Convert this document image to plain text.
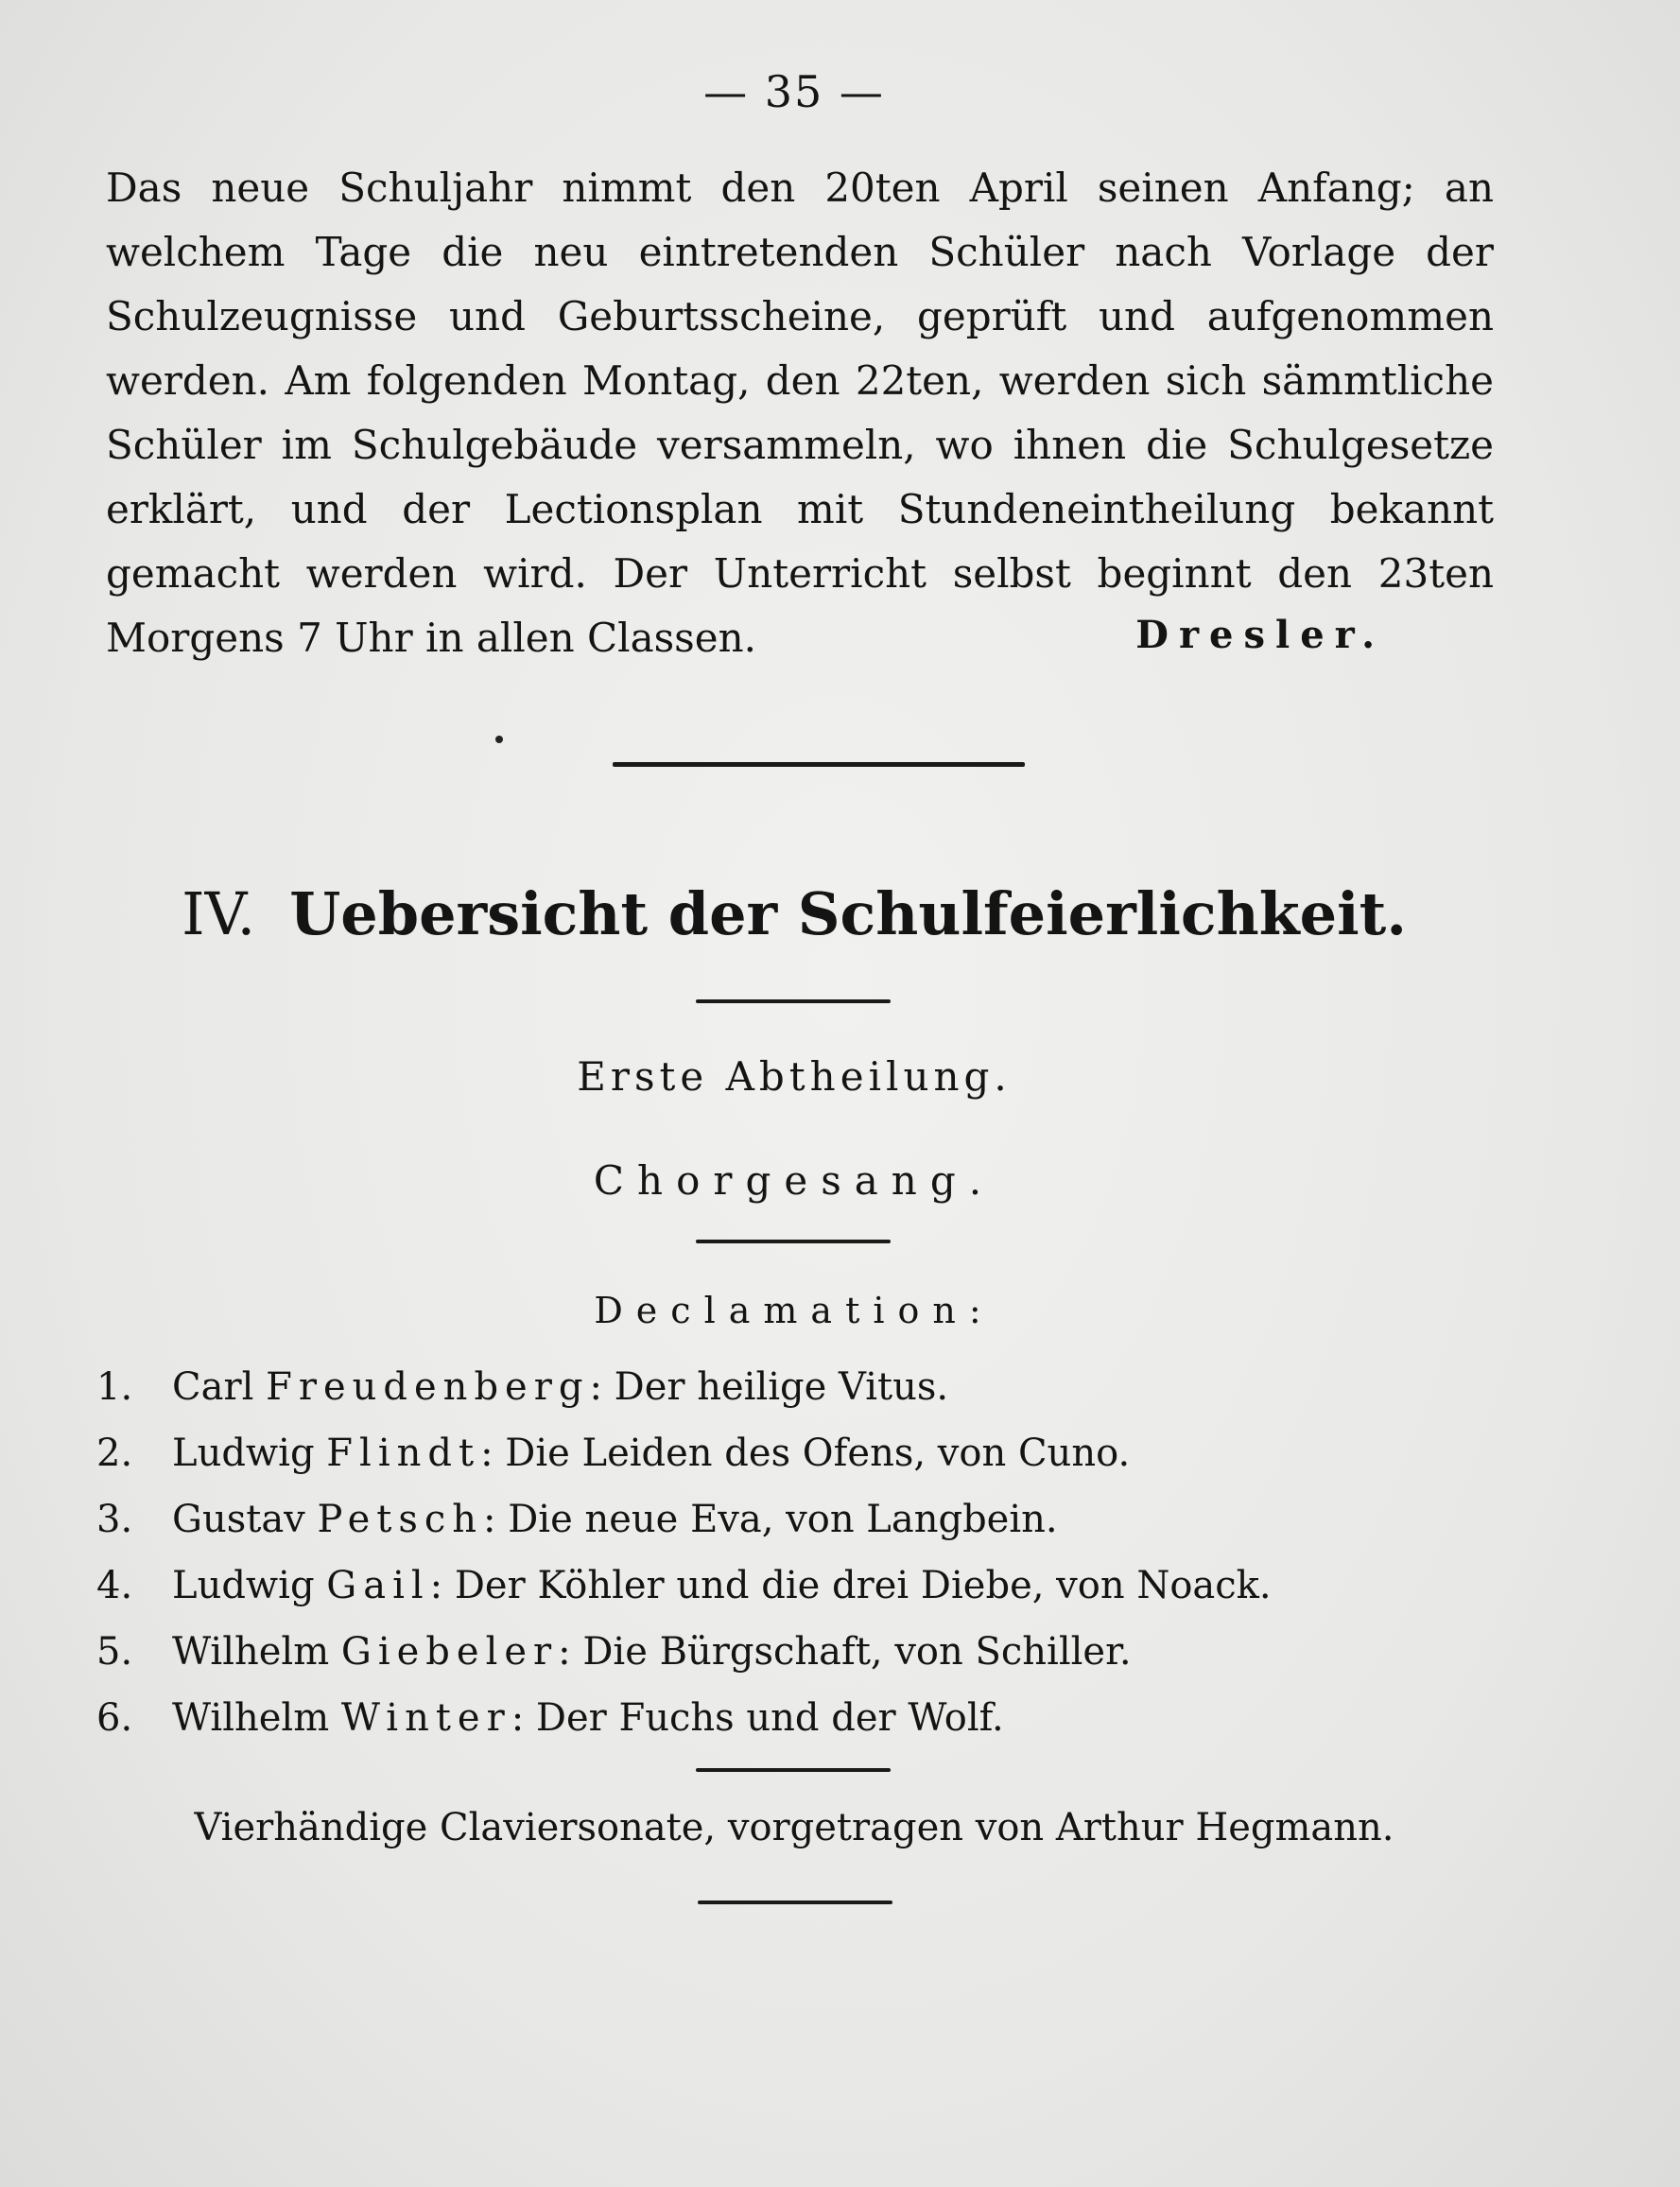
— 35 —

Das neue Schuljahr nimmt den 20ten April seinen Anfang; an welchem Tage die neu eintretenden Schüler nach Vorlage der Schulzeugnisse und Geburtsscheine, geprüft und aufgenommen werden. Am folgenden Montag, den 22ten, werden sich sämmtliche Schüler im Schulgebäude versammeln, wo ihnen die Schulgesetze erklärt, und der Lectionsplan mit Stundeneintheilung bekannt gemacht werden wird. Der Unterricht selbst beginnt den 23ten Morgens 7 Uhr in allen Classen.	Dresler.
IV. Uebersicht der Schulfeierlichkeit.
Erste Abtheilung.
Chorgesang.
Declamation:
1. Carl Freudenberg: Der heilige Vitus.
2. Ludwig Flindt: Die Leiden des Ofens, von Cuno.
3. Gustav Petsch: Die neue Eva, von Langbein.
4. Ludwig Gail: Der Köhler und die drei Diebe, von Noack.
5. Wilhelm Giebeler: Die Bürgschaft, von Schiller.
6. Wilhelm Winter: Der Fuchs und der Wolf.
Vierhändige Claviersonate, vorgetragen von Arthur Hegmann.
